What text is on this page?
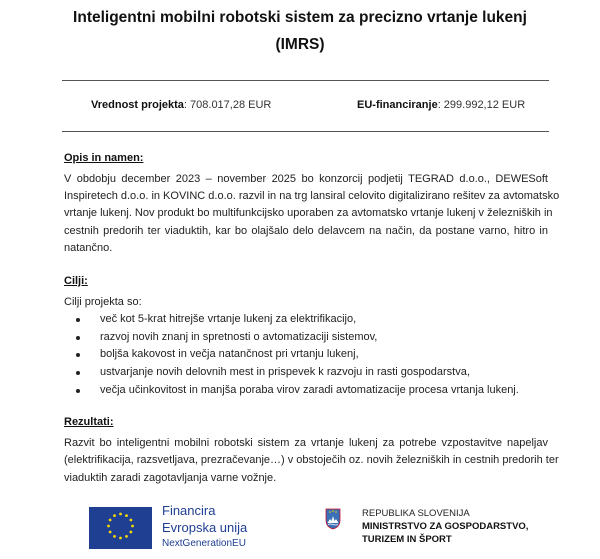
Inteligentni mobilni robotski sistem za precizno vrtanje lukenj
(IMRS)
Vrednost projekta: 708.017,28 EUR	EU-financiranje: 299.992,12 EUR
Opis in namen:
V obdobju december 2023 – november 2025 bo konzorcij podjetij TEGRAD d.o.o., DEWESoft
Inspiretech d.o.o. in KOVINC d.o.o. razvil in na trg lansiral celovito digitalizirano rešitev za avtomatsko
vrtanje lukenj. Nov produkt bo multifunkcijsko uporaben za avtomatsko vrtanje lukenj v železniških in
cestnih predorih ter viaduktih, kar bo olajšalo delo delavcem na način, da postane varno, hitro in
natančno.
Cilji:
Cilji projekta so:
več kot 5-krat hitrejše vrtanje lukenj za elektrifikacijo,
razvoj novih znanj in spretnosti o avtomatizaciji sistemov,
boljša kakovost in večja natančnost pri vrtanju lukenj,
ustvarjanje novih delovnih mest in prispevek k razvoju in rasti gospodarstva,
večja učinkovitost in manjša poraba virov zaradi avtomatizacije procesa vrtanja lukenj.
Rezultati:
Razvit bo inteligentni mobilni robotski sistem za vrtanje lukenj za potrebe vzpostavitve napeljav
(elektrifikacija, razsvetljava, prezračevanje…) v obstoječih oz. novih železniških in cestnih predorih ter
viaduktih zaradi zagotavljanja varne vožnje.
Financira
Evropska unija
NextGenerationEU
REPUBLIKA SLOVENIJA
MINISTRSTVO ZA GOSPODARSTVO,
TURIZEM IN ŠPORT
